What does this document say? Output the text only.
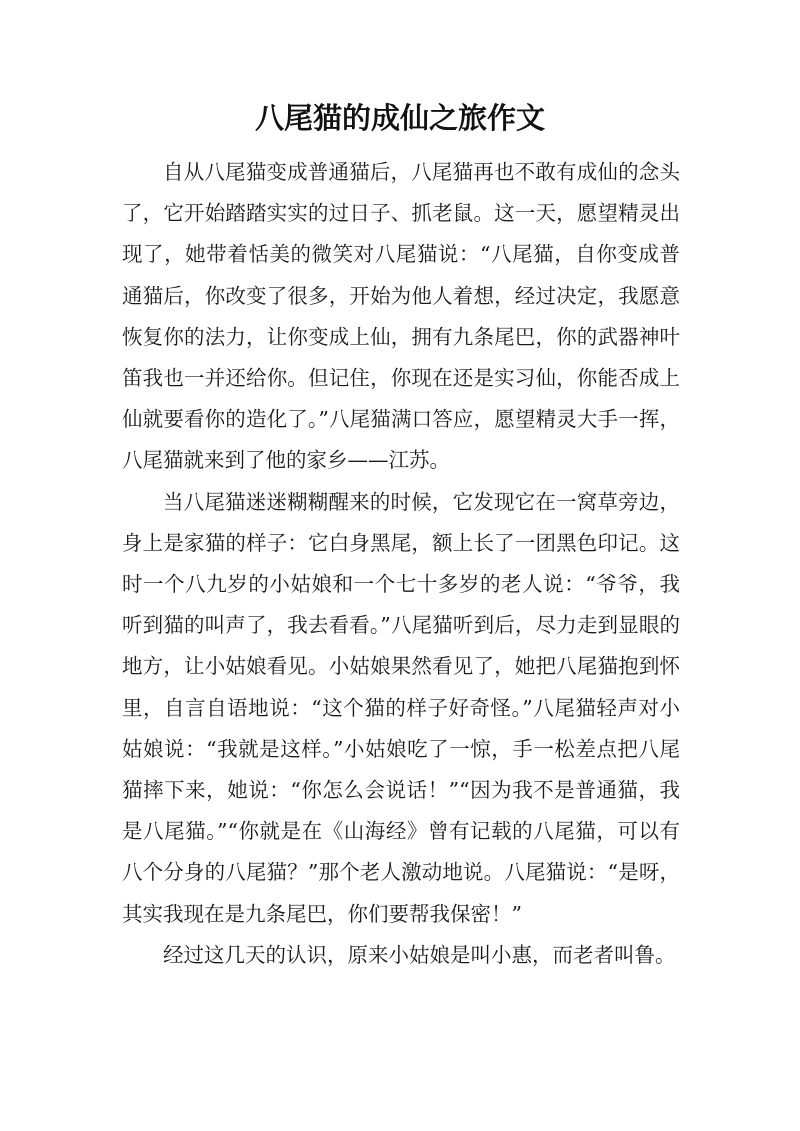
八尾猫的成仙之旅作文

自从八尾猫变成普通猫后，八尾猫再也不敢有成仙的念头了，它开始踏踏实实的过日子、抓老鼠。这一天，愿望精灵出现了，她带着恬美的微笑对八尾猫说：“八尾猫，自你变成普通猫后，你改变了很多，开始为他人着想，经过决定，我愿意恢复你的法力，让你变成上仙，拥有九条尾巴，你的武器神叶笛我也一并还给你。但记住，你现在还是实习仙，你能否成上仙就要看你的造化了。”八尾猫满口答应，愿望精灵大手一挥，八尾猫就来到了他的家乡——江苏。

当八尾猫迷迷糊糊醒来的时候，它发现它在一窝草旁边，身上是家猫的样子：它白身黑尾，额上长了一团黑色印记。这时一个八九岁的小姑娘和一个七十多岁的老人说：“爷爷，我听到猫的叫声了，我去看看。”八尾猫听到后，尽力走到显眼的地方，让小姑娘看见。小姑娘果然看见了，她把八尾猫抱到怀里，自言自语地说：“这个猫的样子好奇怪。”八尾猫轻声对小姑娘说：“我就是这样。”小姑娘吃了一惊，手一松差点把八尾猫摔下来，她说：“你怎么会说话！”“因为我不是普通猫，我是八尾猫。”“你就是在《山海经》曾有记载的八尾猫，可以有八个分身的八尾猫？”那个老人激动地说。八尾猫说：“是呀，其实我现在是九条尾巴，你们要帮我保密！”

经过这几天的认识，原来小姑娘是叫小惠，而老者叫鲁。
